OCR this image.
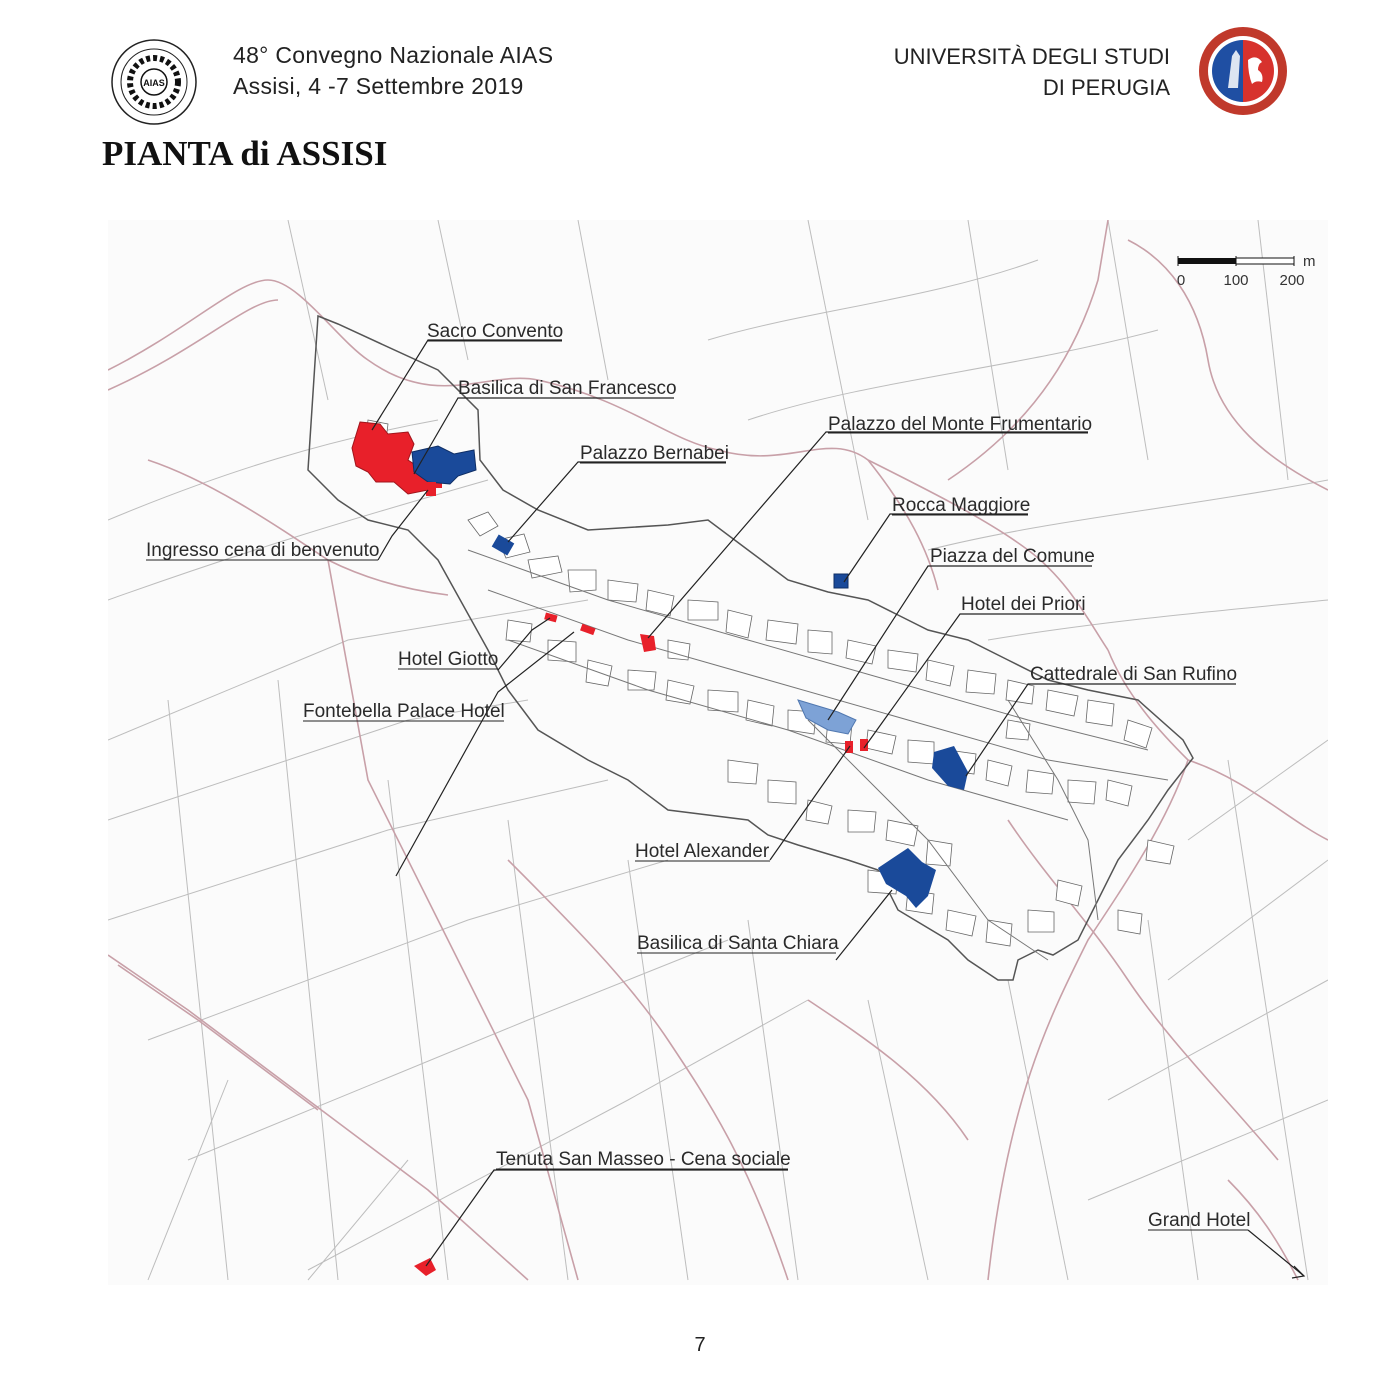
AIAS
48° Convegno Nazionale AIAS
Assisi, 4 -7 Settembre 2019
UNIVERSITÀ DEGLI STUDI
DI PERUGIA
PIANTA di ASSISI
0	100 200
m
Sacro Convento
Basilica di San Francesco
Palazzo del Monte Frumentario
Palazzo Bernabei
Rocca Maggiore
Ingresso cena di benvenuto	Piazza del Comune
Hotel dei Priori
Hotel Giotto
Cattedrale di San Rufino
Fontebella Palace Hotel
Hotel Alexander
Basilica di Santa Chiara
Tenuta San Masseo - Cena sociale
Grand Hotel
7
